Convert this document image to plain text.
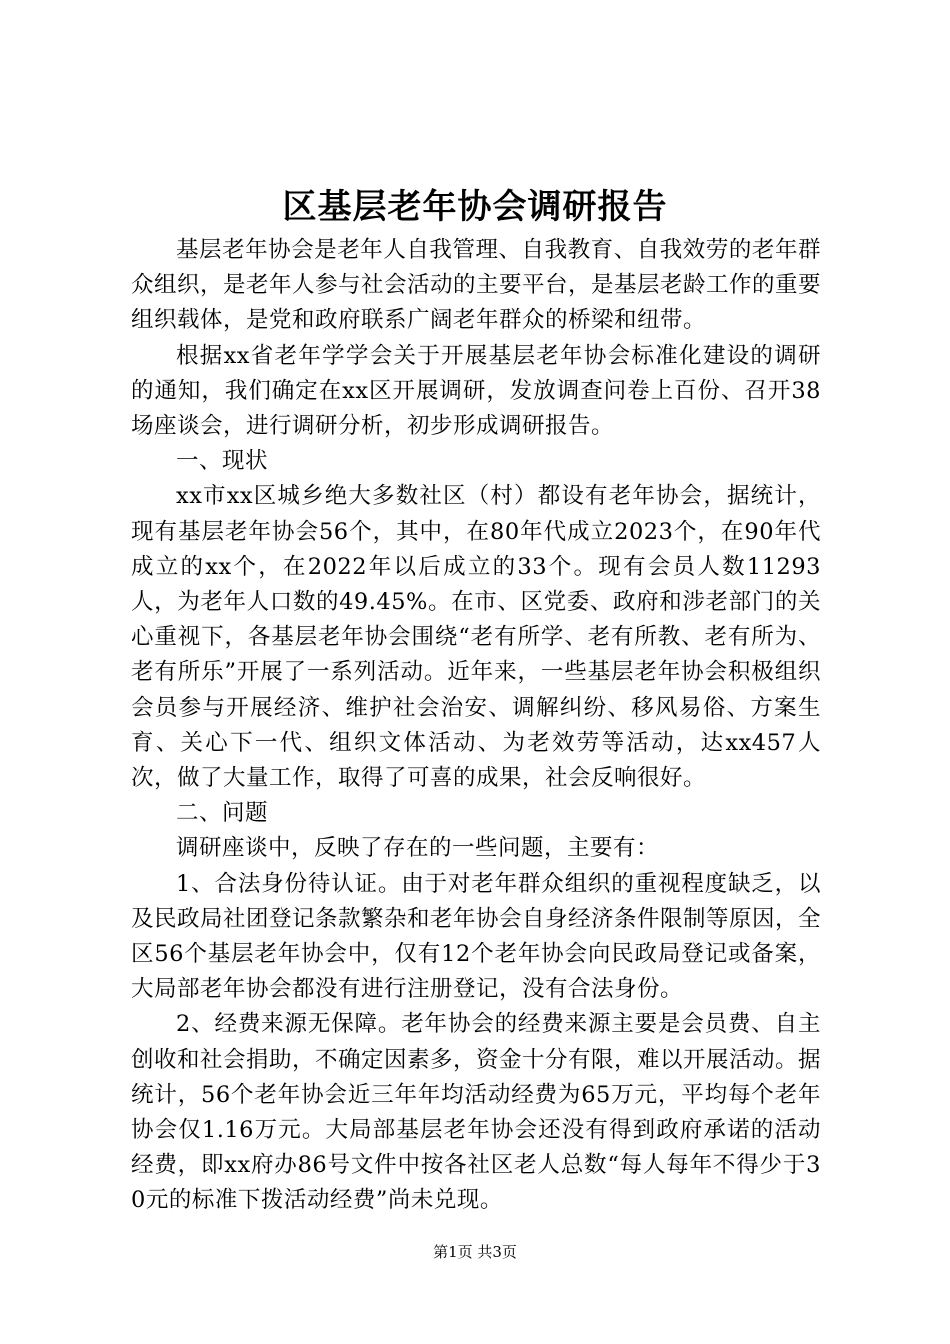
区基层老年协会调研报告

基层老年协会是老年人自我管理、自我教育、自我效劳的老年群众组织，是老年人参与社会活动的主要平台，是基层老龄工作的重要组织载体，是党和政府联系广阔老年群众的桥梁和纽带。

根据xx省老年学学会关于开展基层老年协会标准化建设的调研的通知，我们确定在xx区开展调研，发放调查问卷上百份、召开38场座谈会，进行调研分析，初步形成调研报告。

一、现状

xx市xx区城乡绝大多数社区（村）都设有老年协会，据统计，现有基层老年协会56个，其中，在80年代成立2023个，在90年代成立的xx个，在2022年以后成立的33个。现有会员人数11293人，为老年人口数的49.45%。在市、区党委、政府和涉老部门的关心重视下，各基层老年协会围绕“老有所学、老有所教、老有所为、老有所乐”开展了一系列活动。近年来，一些基层老年协会积极组织会员参与开展经济、维护社会治安、调解纠纷、移风易俗、方案生育、关心下一代、组织文体活动、为老效劳等活动，达xx457人次，做了大量工作，取得了可喜的成果，社会反响很好。

二、问题

调研座谈中，反映了存在的一些问题，主要有：

1、合法身份待认证。由于对老年群众组织的重视程度缺乏，以及民政局社团登记条款繁杂和老年协会自身经济条件限制等原因，全区56个基层老年协会中，仅有12个老年协会向民政局登记或备案，大局部老年协会都没有进行注册登记，没有合法身份。

2、经费来源无保障。老年协会的经费来源主要是会员费、自主创收和社会捐助，不确定因素多，资金十分有限，难以开展活动。据统计，56个老年协会近三年年均活动经费为65万元，平均每个老年协会仅1.16万元。大局部基层老年协会还没有得到政府承诺的活动经费，即xx府办86号文件中按各社区老人总数“每人每年不得少于30元的标准下拨活动经费”尚未兑现。

第1页 共3页
